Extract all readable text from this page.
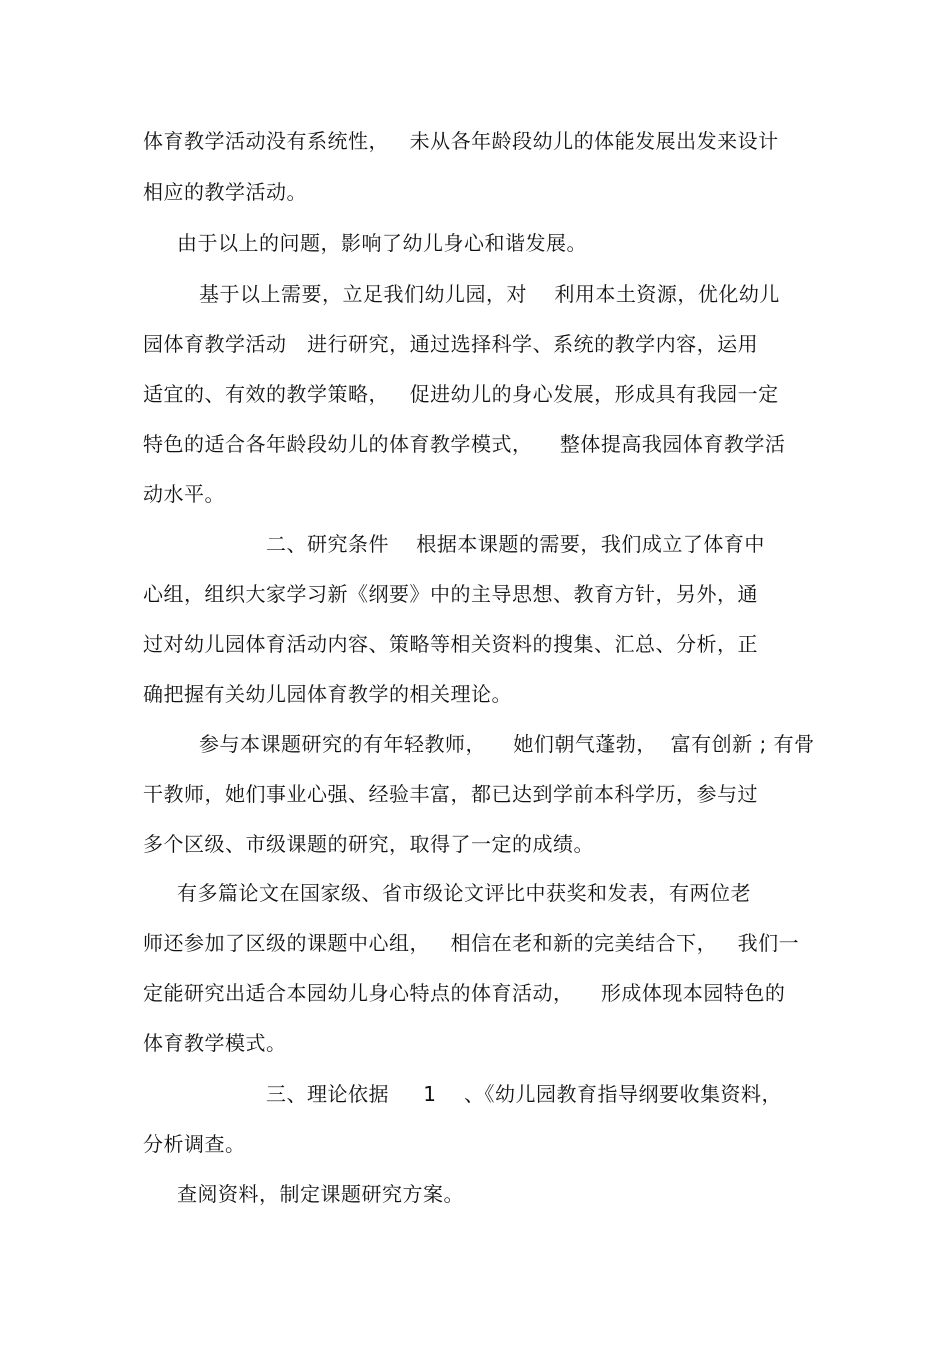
体育教学活动没有系统性，   未从各年龄段幼儿的体能发展出发来设计
相应的教学活动。
由于以上的问题，影响了幼儿身心和谐发展。
基于以上需要，立足我们幼儿园，对    利用本土资源，优化幼儿
园体育教学活动   进行研究，通过选择科学、系统的教学内容，运用
适宜的、有效的教学策略，   促进幼儿的身心发展，形成具有我园一定
特色的适合各年龄段幼儿的体育教学模式，    整体提高我园体育教学活
动水平。
二、研究条件    根据本课题的需要，我们成立了体育中
心组，组织大家学习新《纲要》中的主导思想、教育方针，另外，通
过对幼儿园体育活动内容、策略等相关资料的搜集、汇总、分析，正
确把握有关幼儿园体育教学的相关理论。
参与本课题研究的有年轻教师，    她们朝气蓬勃，  富有创新 ; 有骨
干教师，她们事业心强、经验丰富，都已达到学前本科学历，参与过
多个区级、市级课题的研究，取得了一定的成绩。
有多篇论文在国家级、省市级论文评比中获奖和发表，有两位老
师还参加了区级的课题中心组，   相信在老和新的完美结合下，   我们一
定能研究出适合本园幼儿身心特点的体育活动，    形成体现本园特色的
体育教学模式。
三、理论依据     1    、《幼儿园教育指导纲要收集资料，
分析调查。
查阅资料，制定课题研究方案。
